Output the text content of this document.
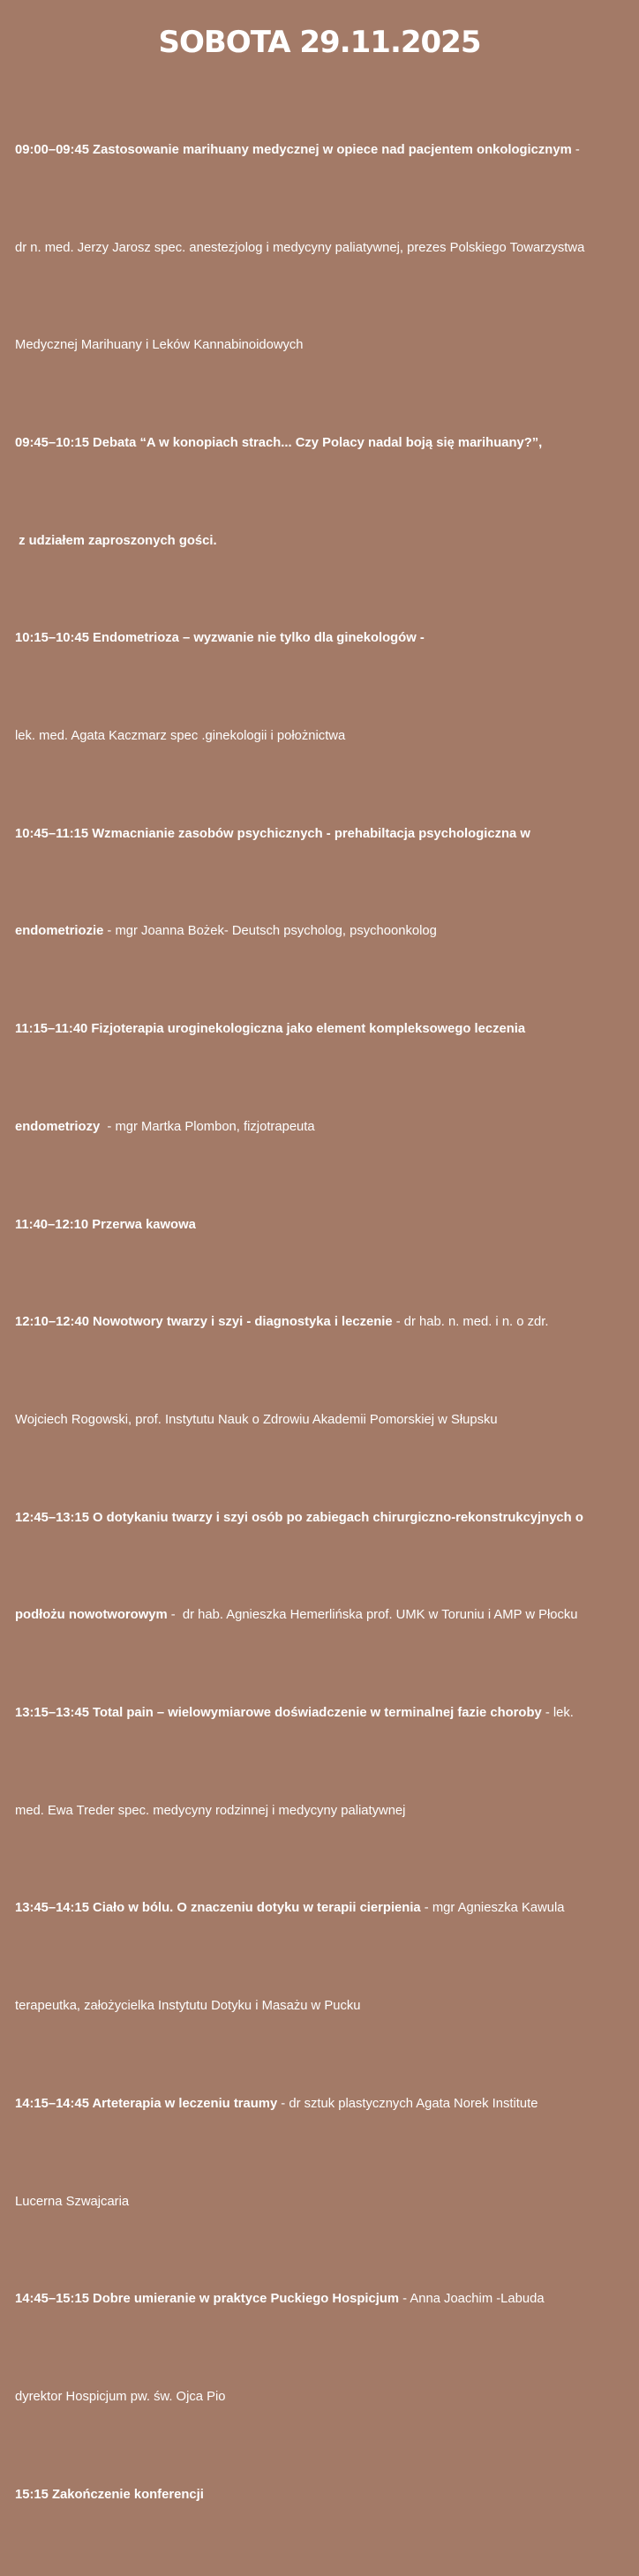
SOBOTA 29.11.2025

09:00–09:45 Zastosowanie marihuany medycznej w opiece nad pacjentem onkologicznym -

dr n. med. Jerzy Jarosz spec. anestezjolog i medycyny paliatywnej, prezes Polskiego Towarzystwa

Medycznej Marihuany i Leków Kannabinoidowych

09:45–10:15 Debata “A w konopiach strach... Czy Polacy nadal boją się marihuany?”,

z udziałem zaproszonych gości.

10:15–10:45 Endometrioza – wyzwanie nie tylko dla ginekologów -

lek. med. Agata Kaczmarz spec .ginekologii i położnictwa

10:45–11:15 Wzmacnianie zasobów psychicznych - prehabiltacja psychologiczna w

endometriozie - mgr Joanna Bożek- Deutsch psycholog, psychoonkolog

11:15–11:40 Fizjoterapia uroginekologiczna jako element kompleksowego leczenia

endometriozy  - mgr Martka Plombon, fizjotrapeuta

11:40–12:10 Przerwa kawowa

12:10–12:40 Nowotwory twarzy i szyi - diagnostyka i leczenie - dr hab. n. med. i n. o zdr.

Wojciech Rogowski, prof. Instytutu Nauk o Zdrowiu Akademii Pomorskiej w Słupsku

12:45–13:15 O dotykaniu twarzy i szyi osób po zabiegach chirurgiczno-rekonstrukcyjnych o

podłożu nowotworowym -  dr hab. Agnieszka Hemerlińska prof. UMK w Toruniu i AMP w Płocku

13:15–13:45 Total pain – wielowymiarowe doświadczenie w terminalnej fazie choroby - lek.

med. Ewa Treder spec. medycyny rodzinnej i medycyny paliatywnej

13:45–14:15 Ciało w bólu. O znaczeniu dotyku w terapii cierpienia - mgr Agnieszka Kawula

terapeutka, założycielka Instytutu Dotyku i Masażu w Pucku

14:15–14:45 Arteterapia w leczeniu traumy - dr sztuk plastycznych Agata Norek Institute

Lucerna Szwajcaria

14:45–15:15 Dobre umieranie w praktyce Puckiego Hospicjum - Anna Joachim -Labuda

dyrektor Hospicjum pw. św. Ojca Pio

15:15 Zakończenie konferencji
